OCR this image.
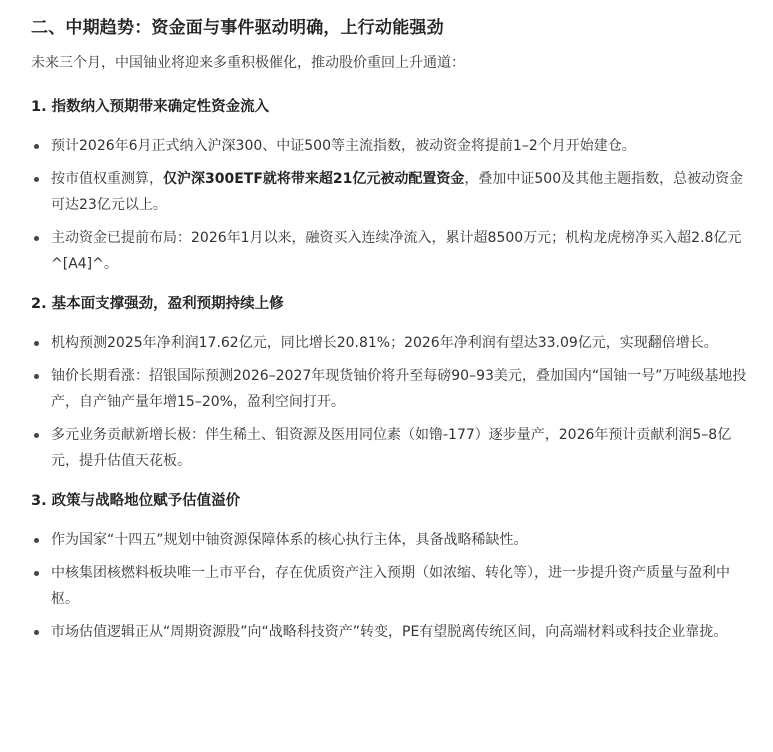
二、中期趋势：资金面与事件驱动明确，上行动能强劲
未来三个月，中国铀业将迎来多重积极催化，推动股价重回上升通道：
1. 指数纳入预期带来确定性资金流入
预计2026年6月正式纳入沪深300、中证500等主流指数，被动资金将提前1–2个月开始建仓。
按市值权重测算，仅沪深300ETF就将带来超21亿元被动配置资金，叠加中证500及其他主题指数，总被动资金可达23亿元以上。
主动资金已提前布局：2026年1月以来，融资买入连续净流入，累计超8500万元；机构龙虎榜净买入超2.8亿元^[A4]^。
2. 基本面支撑强劲，盈利预期持续上修
机构预测2025年净利润17.62亿元，同比增长20.81%；2026年净利润有望达33.09亿元，实现翻倍增长。
铀价长期看涨：招银国际预测2026–2027年现货铀价将升至每磅90–93美元，叠加国内“国铀一号”万吨级基地投产，自产铀产量年增15–20%，盈利空间打开。
多元业务贡献新增长极：伴生稀土、钼资源及医用同位素（如镥-177）逐步量产，2026年预计贡献利润5–8亿元，提升估值天花板。
3. 政策与战略地位赋予估值溢价
作为国家“十四五”规划中铀资源保障体系的核心执行主体，具备战略稀缺性。
中核集团核燃料板块唯一上市平台，存在优质资产注入预期（如浓缩、转化等），进一步提升资产质量与盈利中枢。
市场估值逻辑正从“周期资源股”向“战略科技资产”转变，PE有望脱离传统区间，向高端材料或科技企业靠拢。
